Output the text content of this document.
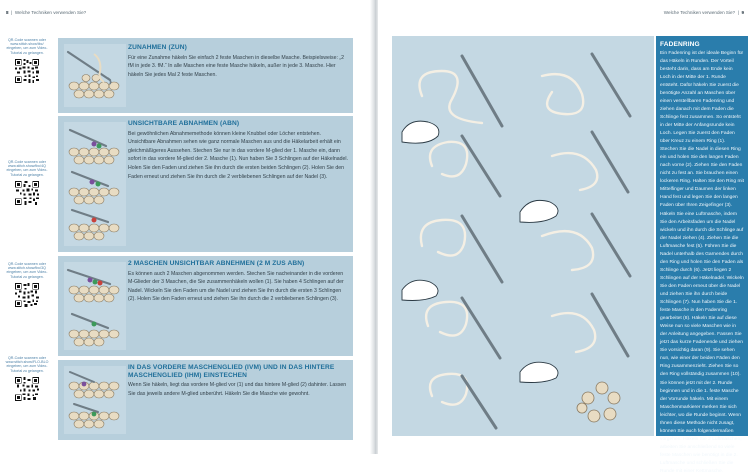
8  |  Welche Techniken verwenden Sie?
QR-Code scannen oder www.stitch.show/tbc/ eingeben, um zum Video-Tutorial zu gelangen.
QR-Code scannen oder www.stitch.show/tbc/4Q eingeben, um zum Video-Tutorial zu gelangen.
QR-Code scannen oder www.stitch.show/tbc/3Q eingeben, um zum Video-Tutorial zu gelangen.
QR-Code scannen oder www.stitch.show/FLO-BLO eingeben, um zum Video-Tutorial zu gelangen.
ZUNAHMEN (ZUN)
Für eine Zunahme häkeln Sie einfach 2 feste Maschen in dieselbe Masche. Beispielsweise: „2 fM in jede 3. fM.“ In alle Maschen eine feste Masche häkeln, außer in jede 3. Masche. Hier häkeln Sie jedes Mal 2 feste Maschen.
UNSICHTBARE ABNAHMEN (ABN)
Bei gewöhnlichen Abnahmemethode können kleine Knubbel oder Löcher entstehen. Unsichtbare Abnahmen sehen wie ganz normale Maschen aus und die Häkelarbeit erhält ein gleichmäßigeres Aussehen. Stechen Sie nur in das vordere M-glied der 1. Masche ein, dann sofort in das vordere M-glied der 2. Masche (1). Nun haben Sie 3 Schlingen auf der Häkelnadel. Holen Sie den Faden und ziehen Sie ihn durch die ersten beiden Schlingen (2). Holen Sie den Faden erneut und ziehen Sie ihn durch die 2 verbliebenen Schlingen auf der Nadel (3).
2 MASCHEN UNSICHTBAR ABNEHMEN (2 M ZUS ABN)
Es können auch 2 Maschen abgenommen werden. Stechen Sie nacheinander in die vorderen M-Glieder der 3 Maschen, die Sie zusammenhäkeln wollen (1). Sie haben 4 Schlingen auf der Nadel. Wickeln Sie den Faden um die Nadel und ziehen Sie ihn durch die ersten 3 Schlingen (2). Holen Sie den Faden erneut und ziehen Sie ihn durch die 2 verbliebenen Schlingen (3).
IN DAS VORDERE MASCHENGLIED (IVM) UND IN DAS HINTERE MASCHENGLIED (IHM) EINSTECHEN
Wenn Sie häkeln, liegt das vordere M-glied vor (1) und das hintere M-glied (2) dahinter. Lassen Sie das jeweils andere M-glied unberührt. Häkeln Sie die Masche wie gewohnt.
Welche Techniken verwenden Sie?  |  9
FADENRING
Ein Fadenring ist der ideale Beginn für das Häkeln in Runden. Der Vorteil besteht darin, dass am Ende kein Loch in der Mitte der 1. Runde entsteht. Dafür häkeln Sie zuerst die benötigte Anzahl an Maschen über einen verstellbaren Fadenring und ziehen danach mit dem Faden die Schlinge fest zusammen. So entsteht in der Mitte der Anfangsrunde kein Loch. Legen Sie zuerst den Faden über Kreuz zu einem Ring (1). Stechen Sie die Nadel in diesen Ring ein und holen Sie den langen Faden nach vorne (2). Ziehen Sie den Faden nicht zu fest an. Sie brauchen einen lockeren Ring. Halten Sie den Ring mit Mittelfinger und Daumen der linken Hand fest und legen Sie den langen Faden über Ihren Zeigefinger (3). Häkeln Sie eine Luftmasche, indem Sie den Arbeitsfaden um die Nadel wickeln und ihn durch die Schlinge auf der Nadel ziehen (4). Ziehen Sie die Luftmasche fest (5). Führen Sie die Nadel unterhalb des Garnendes durch den Ring und holen Sie den Faden als Schlinge durch (6). Jetzt liegen 2 Schlingen auf der Häkelnadel. Wickeln Sie den Faden erneut über die Nadel und ziehen Sie ihn durch beide Schlingen (7). Nun haben Sie die 1. feste Masche in den Fadenring gearbeitet (8). Häkeln Sie auf diese Weise nun so viele Maschen wie in der Anleitung angegeben. Fassen Sie jetzt das kurze Fadenende und ziehen Sie vorsichtig daran (9). Sie sehen nun, wie einer der beiden Fäden den Ring zusammenzieht. Ziehen Sie so den Ring vollständig zusammen (10). Sie können jetzt mit der 2. Runde beginnen und in die 1. feste Masche der Vorrunde häkeln. Mit einem Maschenmarkierer merken Sie sich leichter, wo die Runde beginnt. Wenn Ihnen diese Methode nicht zusagt, können Sie auch folgendermaßen vorgehen: Häkeln Sie 2 Luftmaschen, arbeiten Sie anschließend so viele feste Maschen wie benötigt in die 2. Luftmasche und schließen Sie die Runde mit einer Kettmasche.
